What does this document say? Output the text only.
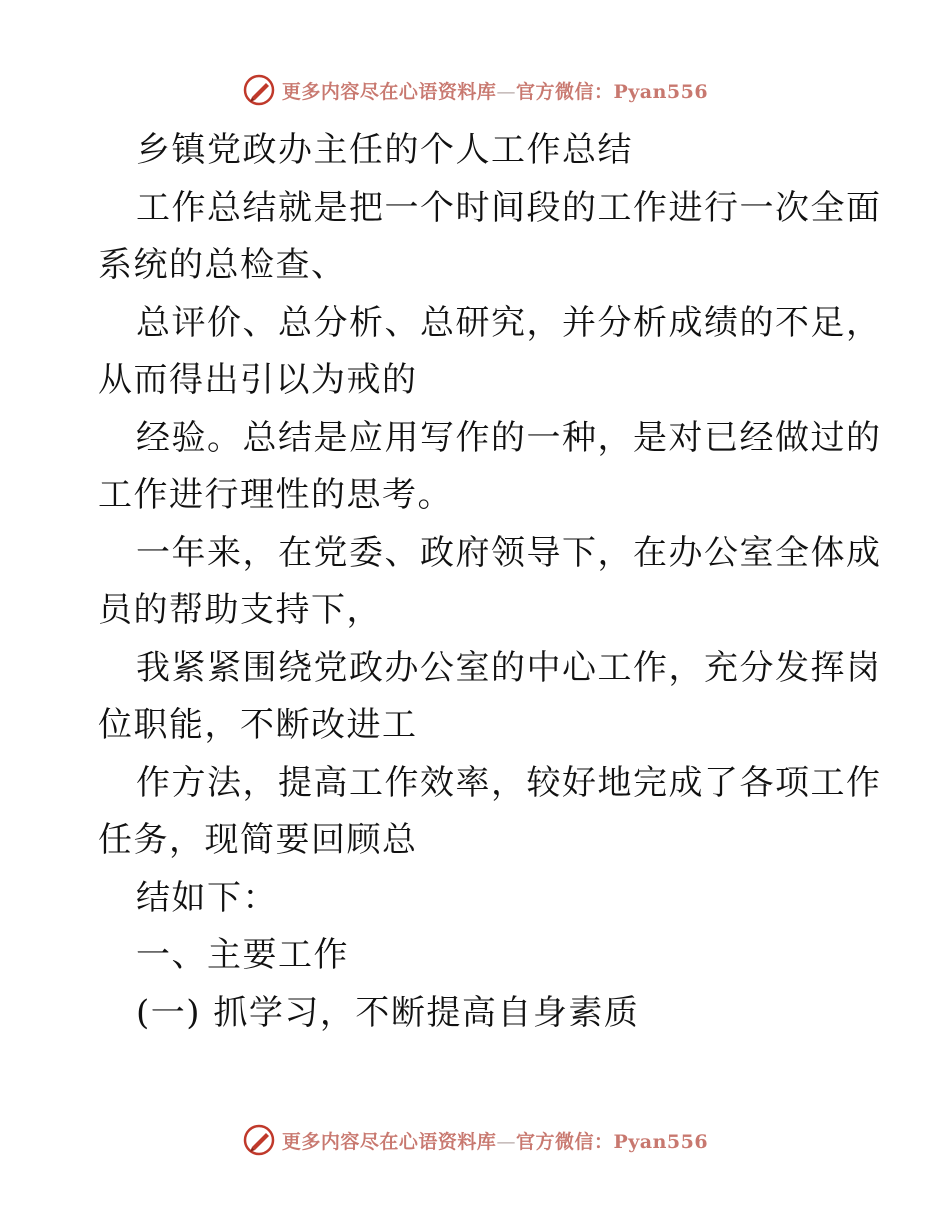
更多内容尽在心语资料库—官方微信：Pyan556

乡镇党政办主任的个人工作总结

工作总结就是把一个时间段的工作进行一次全面

系统的总检查、

总评价、总分析、总研究，并分析成绩的不足，

从而得出引以为戒的

经验。总结是应用写作的一种，是对已经做过的

工作进行理性的思考。

一年来，在党委、政府领导下，在办公室全体成

员的帮助支持下，

我紧紧围绕党政办公室的中心工作，充分发挥岗

位职能，不断改进工

作方法，提高工作效率，较好地完成了各项工作

任务，现简要回顾总

结如下：

一、主要工作

(一) 抓学习，不断提高自身素质

更多内容尽在心语资料库—官方微信：Pyan556
